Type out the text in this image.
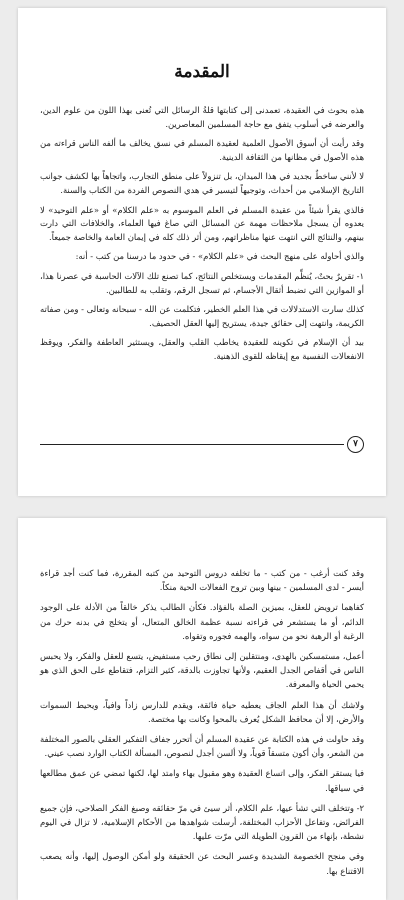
المقدمة

هذه بحوث في العقيدة، تعمدنى إلى كتابتها قلةُ الرسائل التي تُعنى بهذا اللون من علوم الدين، والعرضه في أسلوب يتفق مع حاجة المسلمين المعاصرين.

وقد رأيت أن أسوق الأصول العلمية لعقيدة المسلم في نسق يخالف ما ألفه الناس قراءته من هذه الأصول في مظانها من الثقافة الدينية.

لا لأنني ساخطٌ بجديد في هذا الميدان، بل تنزولاً على منطق التجارب، واتجاهاً بها لكشف جوانب التاريخ الإسلامي من أحداث، وتوجيهاً لتيسير في هدي النصوص الفردة من الكتاب والسنة.

فالذي يقرأ شيئاً من عقيدة المسلم في العلم الموسوم به «علم الكلام» أو «علم التوحيد» لا يعدوه أن يسجل ملاحظات مهمة عن المسائل التي صاغ فيها العلماء، والخلافات التي دارت بينهم، والنتائج التي انتهت عنها مناظراتهم، ومن أثر ذلك كله في إيمان العامة والخاصة جميعاً.

والذي أحاوله على منهج البحث في «علم الكلام» - في حدود ما درسنا من كتب - أنه:

١- تقريرٌ بحتٌ، يُنظِّم المقدمات ويستخلص النتائج، كما تصنع تلك الآلات الحاسبة في عصرنا هذا، أو الموازين التي تضبط أثقال الأجسام، ثم تسجل الرقم، وتقلب به للطالبين.

كذلك سارت الاستدلالات في هذا العلم الخطير، فتكلمت عن الله - سبحانه وتعالى - ومن صفاته الكريمة، وانتهت إلى حقائق جيدة، يستريح إليها العقل الحصيف.

بيد أن الإسلام في تكوينه للعقيدة يخاطب القلب والعقل، ويستثير العاطفة والفكر، ويوقظ الانفعالات النفسية مع إيقاظه للقوى الذهنية.

٧

وقد كنت أرغب - من كتب - ما تخلفه دروس التوحيد من كتبه المقررة، فما كنت أجد قراءة أيسر - لدى المسلمين - بينها وبين تروح الفعالات الحية منكاً.

كفاهما ترويض للعقل، بميزين الصلة بالفؤاد. فكأن الطالب يذكر خالقاً من الأدلة على الوجود الدائم، أو ما يستشعر في قراءته نسبة عظمة الخالق المتعال، أو يتخلج في بدنه حرك من الرغبة أو الرهبة نحو من سواه، والهمه فجوره وتقواه.

أعمل، مستمسكين بالهدى، ومنتقلين إلى نطاق رحب مستفيض، يتسع للعقل والفكر، ولا يحبس الناس في أقفاص الجدل العقيم، ولأنها تجاوزت بالدقة، كثير التزام، فتقاطع على الحق الذي هو يحمي الحياة والمعرفة.

ولاشك أن هذا العلم الجاف يعطيه حياة فائقة، ويقدم للدارس زاداً وافياً، ويحيط السموات والأرض، إلا أن محافظ الشكل يُعرف بالمحوا وكانت بها مختصة.

وقد حاولت في هذه الكتابة عن عقيدة المسلم أن أتحرر جفاف التفكير العقلي بالصور المختلفة من الشعر، وأن أكون متسقاً قوياً، ولا ألسن أجدل لنصوص، المسألة الكتاب الوارد نصب عيني.

فيا يستقر الفكر، وإلى اتساع العقيدة وهو مقبول بهاء وامتد لها، لكنها تمضي عن عمق مطالعها في سياقها.

٢- وتتخلف التي تشأ عيها، علم الكلام، أثر سيئ في مرّ حقائقه وصبغ الفكر الصلاحي، فإن جميع الفرائض، وتفاعل الأحزاب المختلفة، أرسلت شواهدها من الأحكام الإسلامية، لا تزال في اليوم نشطة، بإنهاء من القرون الطويلة التي مرّت عليها.

وفي منجح الخصومة الشديدة وعسر البحث عن الحقيقة ولو أمكن الوصول إليها، وأنه يصعب الاقتناع بها.
